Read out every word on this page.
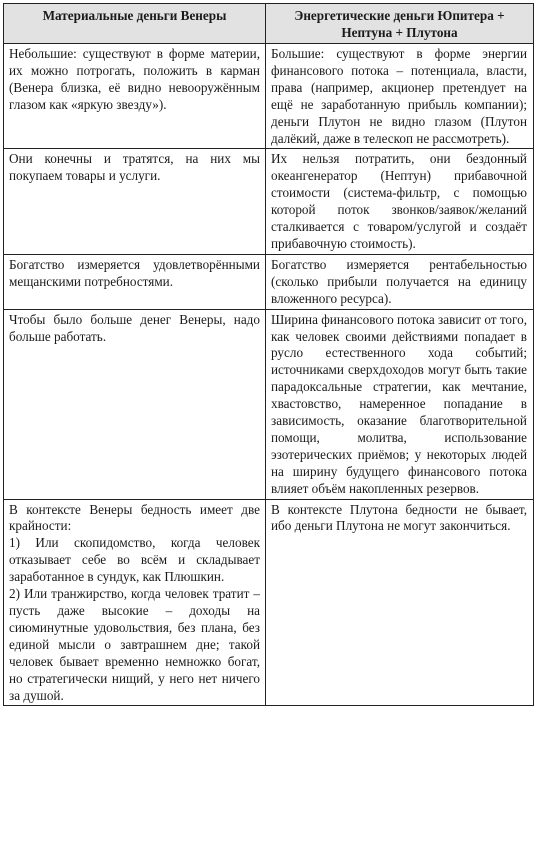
Материальные деньги Венеры	Энергетические деньги Юпитера + Нептуна + Плутона

Небольшие: существуют в форме материи, их можно потрогать, положить в карман (Венера близка, её видно невооружённым глазом как «яркую звезду»).	Большие: существуют в форме энергии финансового потока – потенциала, власти, права (например, акционер претендует на ещё не заработанную прибыль компании); деньги Плутон не видно глазом (Плутон далёкий, даже в телескоп не рассмотреть).

Они конечны и тратятся, на них мы покупаем товары и услуги.	Их нельзя потратить, они бездонный океангенератор (Нептун) прибавочной стоимости (система-фильтр, с помощью которой поток звонков/заявок/желаний сталкивается с товаром/услугой и создаёт прибавочную стоимость).

Богатство измеряется удовлетворёнными мещанскими потребностями.	Богатство измеряется рентабельностью (сколько прибыли получается на единицу вложенного ресурса).

Чтобы было больше денег Венеры, надо больше работать.	Ширина финансового потока зависит от того, как человек своими действиями попадает в русло естественного хода событий; источниками сверхдоходов могут быть такие парадоксальные стратегии, как мечтание, хвастовство, намеренное попадание в зависимость, оказание благотворительной помощи, молитва, использование эзотерических приёмов; у некоторых людей на ширину будущего финансового потока влияет объём накопленных резервов.

В контексте Венеры бедность имеет две крайности:
1) Или скопидомство, когда человек отказывает себе во всём и складывает заработанное в сундук, как Плюшкин.
2) Или транжирство, когда человек тратит – пусть даже высокие – доходы на сиюминутные удовольствия, без плана, без единой мысли о завтрашнем дне; такой человек бывает временно немножко богат, но стратегически нищий, у него нет ничего за душой.	В контексте Плутона бедности не бывает, ибо деньги Плутона не могут закончиться.
